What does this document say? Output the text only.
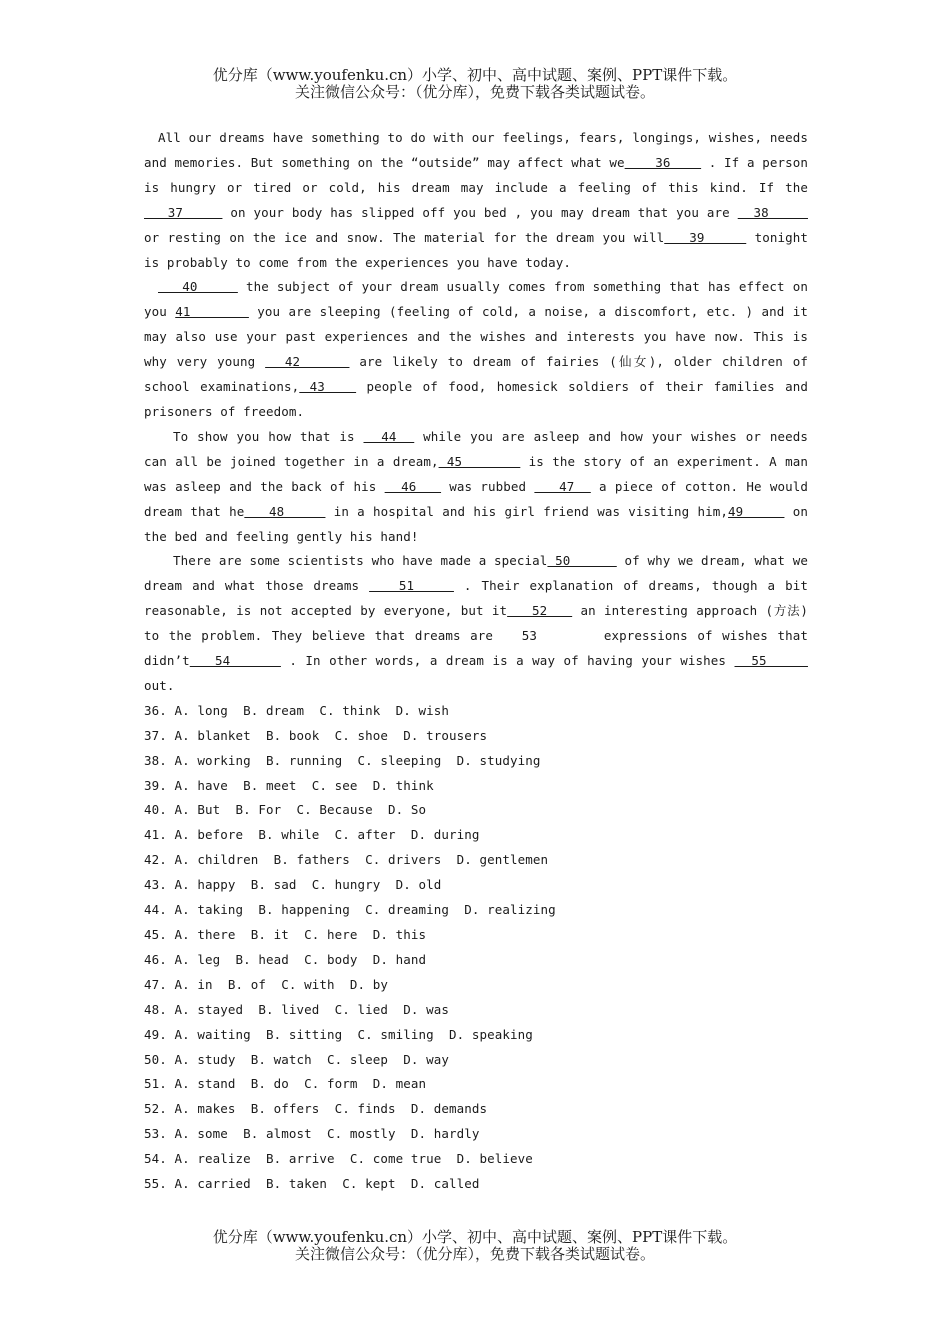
优分库（www.youfenku.cn）小学、初中、高中试题、案例、PPT课件下载。
关注微信公众号：（优分库），免费下载各类试题试卷。

All our dreams have something to do with our feelings, fears, longings, wishes, needs and memories. But something on the “outside” may affect what we    36     . If a person is hungry or tired or cold, his dream may include a feeling of this kind. If the   37      on your body has slipped off you bed , you may dream that you are   38      or resting on the ice and snow. The material for the dream you will   39      tonight is probably to come from the experiences you have today.

40      the subject of your dream usually comes from something that has effect on you 41        you are sleeping (feeling of cold, a noise, a discomfort, etc. ) and it may also use your past experiences and the wishes and interests you have now. This is why very young   42      are likely to dream of fairies (仙女), older children of school examinations, 43    people of food, homesick soldiers of their families and prisoners of freedom.

To show you how that is   44   while you are asleep and how your wishes or needs can all be joined together in a dream, 45        is the story of an experiment. A man was asleep and the back of his   46    was rubbed    47   a piece of cotton. He would dream that he   48      in a hospital and his girl friend was visiting him,49      on the bed and feeling gently his hand!

There are some scientists who have made a special 50       of why we dream, what we dream and what those dreams    51     . Their explanation of dreams, though a bit reasonable, is not accepted by everyone, but it   52    an interesting approach (方法) to the problem. They believe that dreams are   53       expressions of wishes that didn’t   54       . In other words, a dream is a way of having your wishes   55      out.

36. A. long  B. dream  C. think  D. wish

37. A. blanket  B. book  C. shoe  D. trousers

38. A. working  B. running  C. sleeping  D. studying

39. A. have  B. meet  C. see  D. think

40. A. But  B. For  C. Because  D. So

41. A. before  B. while  C. after  D. during

42. A. children  B. fathers  C. drivers  D. gentlemen

43. A. happy  B. sad  C. hungry  D. old

44. A. taking  B. happening  C. dreaming  D. realizing

45. A. there  B. it  C. here  D. this

46. A. leg  B. head  C. body  D. hand

47. A. in  B. of  C. with  D. by

48. A. stayed  B. lived  C. lied  D. was

49. A. waiting  B. sitting  C. smiling  D. speaking

50. A. study  B. watch  C. sleep  D. way

51. A. stand  B. do  C. form  D. mean

52. A. makes  B. offers  C. finds  D. demands

53. A. some  B. almost  C. mostly  D. hardly

54. A. realize  B. arrive  C. come true  D. believe

55. A. carried  B. taken  C. kept  D. called

优分库（www.youfenku.cn）小学、初中、高中试题、案例、PPT课件下载。
关注微信公众号：（优分库），免费下载各类试题试卷。
